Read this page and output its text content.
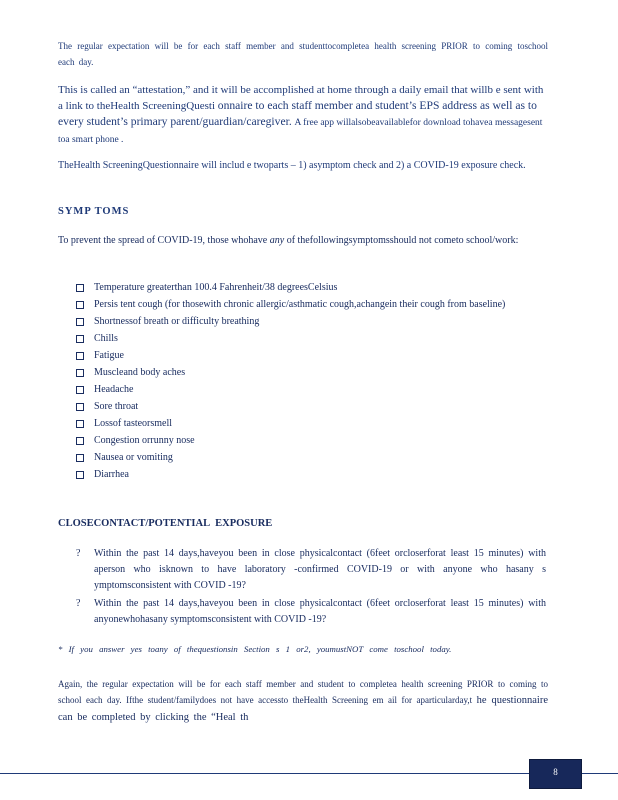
The regular expectation will be for each staff member and studenttocompletea health screening PRIOR to coming toschool each day.
This is called an “attestation,” and it will be accomplished at home through a daily email that willb e sent with a link to theHealth ScreeningQuesti onnaire to each staff member and student’s EPS address as well as to every student’s primary parent/guardian/caregiver. A free app willalsobeavailablefor download tohavea messagesent toa smart phone .
TheHealth ScreeningQuestionnaire will includ e twoparts – 1) asymptom check and 2) a COVID-19 exposure check.
SYMP TOMS
To prevent the spread of COVID-19, those whohave any of thefollowingsymptomsshould not cometo school/work:
Temperature greaterthan 100.4 Fahrenheit/38 degreesCelsius
Persis tent cough (for thosewith chronic allergic/asthmatic cough,achangein their cough from baseline)
Shortnessof breath or difficulty breathing
Chills
Fatigue
Muscleand body aches
Headache
Sore throat
Lossof tasteorsmell
Congestion orrunny nose
Nausea or vomiting
Diarrhea
CLOSECONTACT/POTENTIAL EXPOSURE
?	Within the past 14 days,haveyou been in close physicalcontact (6feet orcloserforat least 15 minutes) with aperson who isknown to have laboratory -confirmed COVID-19 or with anyone who hasany s ymptomsconsistent with COVID -19?
?	Within the past 14 days,haveyou been in close physicalcontact (6feet orcloserforat least 15 minutes) with anyonewhohasany symptomsconsistent with COVID -19?
* If you answer yes toany of thequestionsin Section s 1 or2, youmustNOT come toschool today.
Again, the regular expectation will be for each staff member and student to completea health screening PRIOR to coming to school each day. Ifthe student/familydoes not have accessto theHealth Screening em ail for aparticularday,t he questionnaire can be completed by clicking the “Heal th
8
